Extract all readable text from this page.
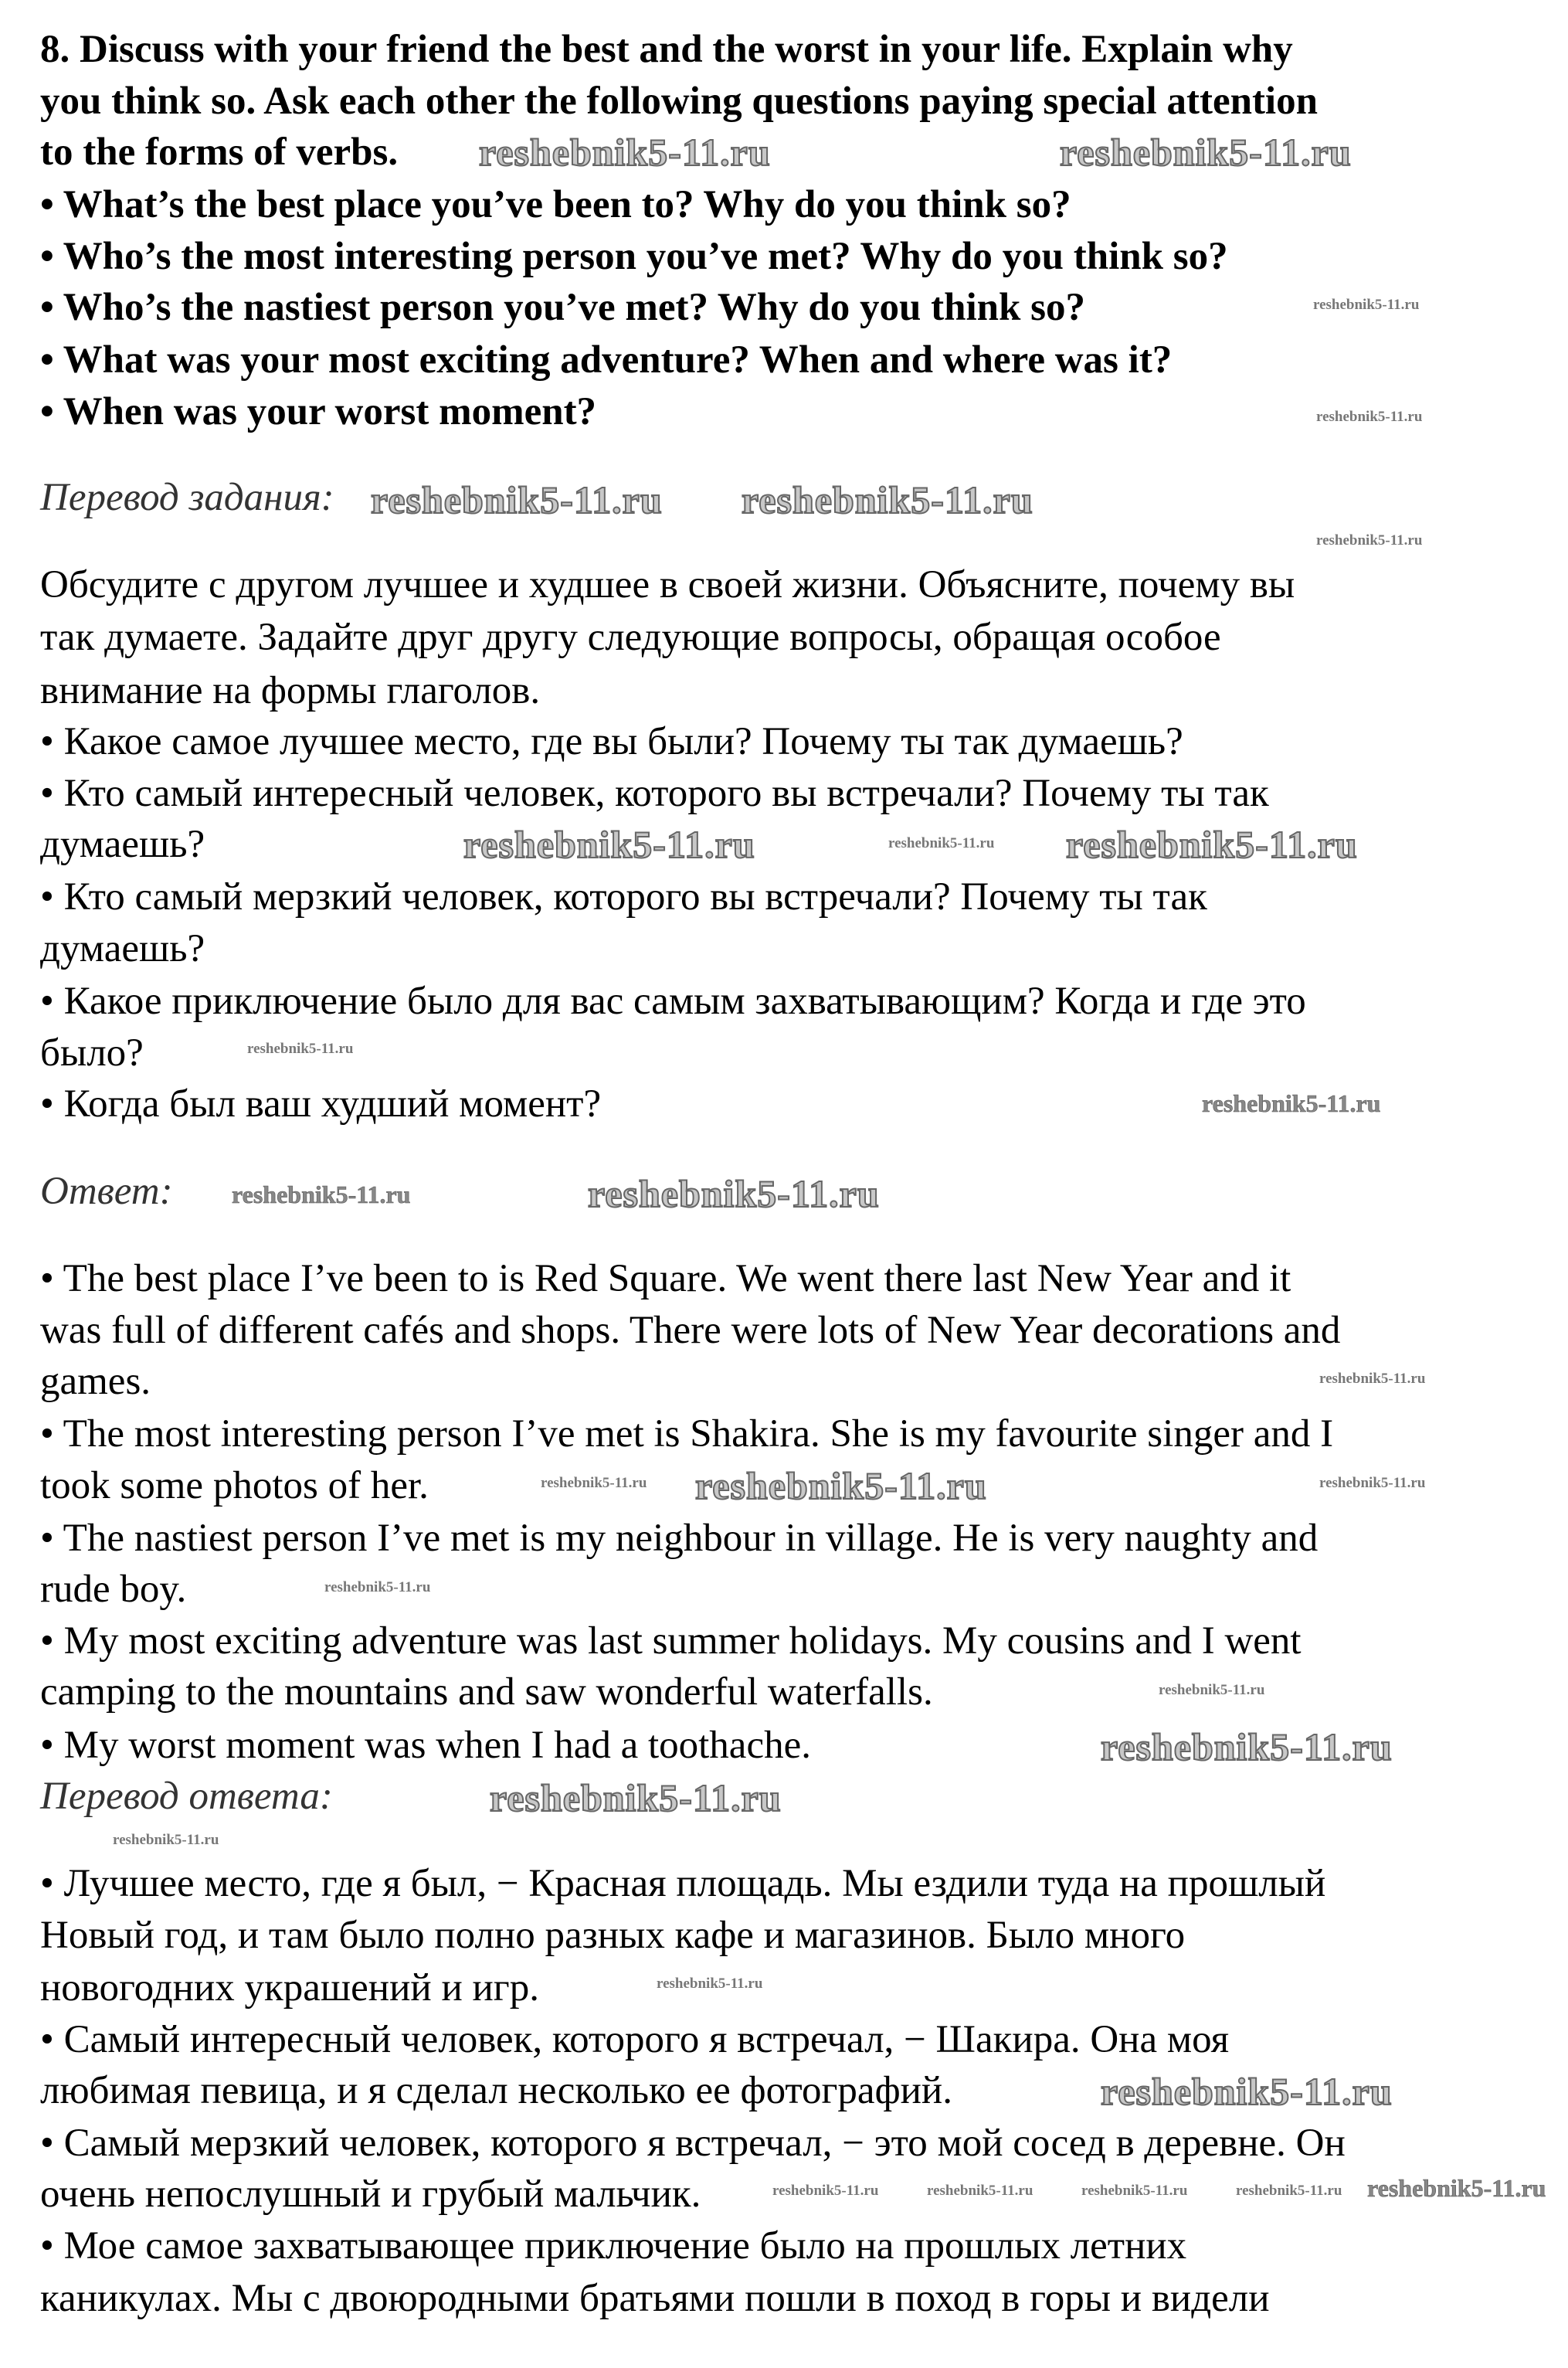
8. Discuss with your friend the best and the worst in your life. Explain why
you think so. Ask each other the following questions paying special attention
to the forms of verbs.
• What’s the best place you’ve been to? Why do you think so?
• Who’s the most interesting person you’ve met? Why do you think so?
• Who’s the nastiest person you’ve met? Why do you think so?
• What was your most exciting adventure? When and where was it?
• When was your worst moment?
Перевод задания:
Обсудите с другом лучшее и худшее в своей жизни. Объясните, почему вы
так думаете. Задайте друг другу следующие вопросы, обращая особое
внимание на формы глаголов.
• Какое самое лучшее место, где вы были? Почему ты так думаешь?
• Кто самый интересный человек, которого вы встречали? Почему ты так
думаешь?
• Кто самый мерзкий человек, которого вы встречали? Почему ты так
думаешь?
• Какое приключение было для вас самым захватывающим? Когда и где это
было?
• Когда был ваш худший момент?
Ответ:
• The best place I’ve been to is Red Square. We went there last New Year and it
was full of different cafés and shops. There were lots of New Year decorations and
games.
• The most interesting person I’ve met is Shakira. She is my favourite singer and I
took some photos of her.
• The nastiest person I’ve met is my neighbour in village. He is very naughty and
rude boy.
• My most exciting adventure was last summer holidays. My cousins and I went
camping to the mountains and saw wonderful waterfalls.
• My worst moment was when I had a toothache.
Перевод ответа:
• Лучшее место, где я был, − Красная площадь. Мы ездили туда на прошлый
Новый год, и там было полно разных кафе и магазинов. Было много
новогодних украшений и игр.
• Самый интересный человек, которого я встречал, − Шакира. Она моя
любимая певица, и я сделал несколько ее фотографий.
• Самый мерзкий человек, которого я встречал, − это мой сосед в деревне. Он
очень непослушный и грубый мальчик.
• Мое самое захватывающее приключение было на прошлых летних
каникулах. Мы с двоюродными братьями пошли в поход в горы и видели
reshebnik5-11.ru	reshebnik5-11.ru
reshebnik5-11.ru
reshebnik5-11.ru
reshebnik5-11.ru reshebnik5-11.ru
reshebnik5-11.ru
reshebnik5-11.ru reshebnik5-11.ru
reshebnik5-11.ru
reshebnik5-11.ru
reshebnik5-11.ru
reshebnik5-11.ru
reshebnik5-11.ru
reshebnik5-11.ru
reshebnik5-11.ru reshebnik5-11.ru	reshebnik5-11.ru
reshebnik5-11.ru
reshebnik5-11.ru
reshebnik5-11.ru
reshebnik5-11.ru
reshebnik5-11.ru
reshebnik5-11.ru
reshebnik5-11.ru	reshebnik5-11.ru
reshebnik5-11.ru
reshebnik5-11.ru	reshebnik5-11.ru reshebnik5-11.ru
